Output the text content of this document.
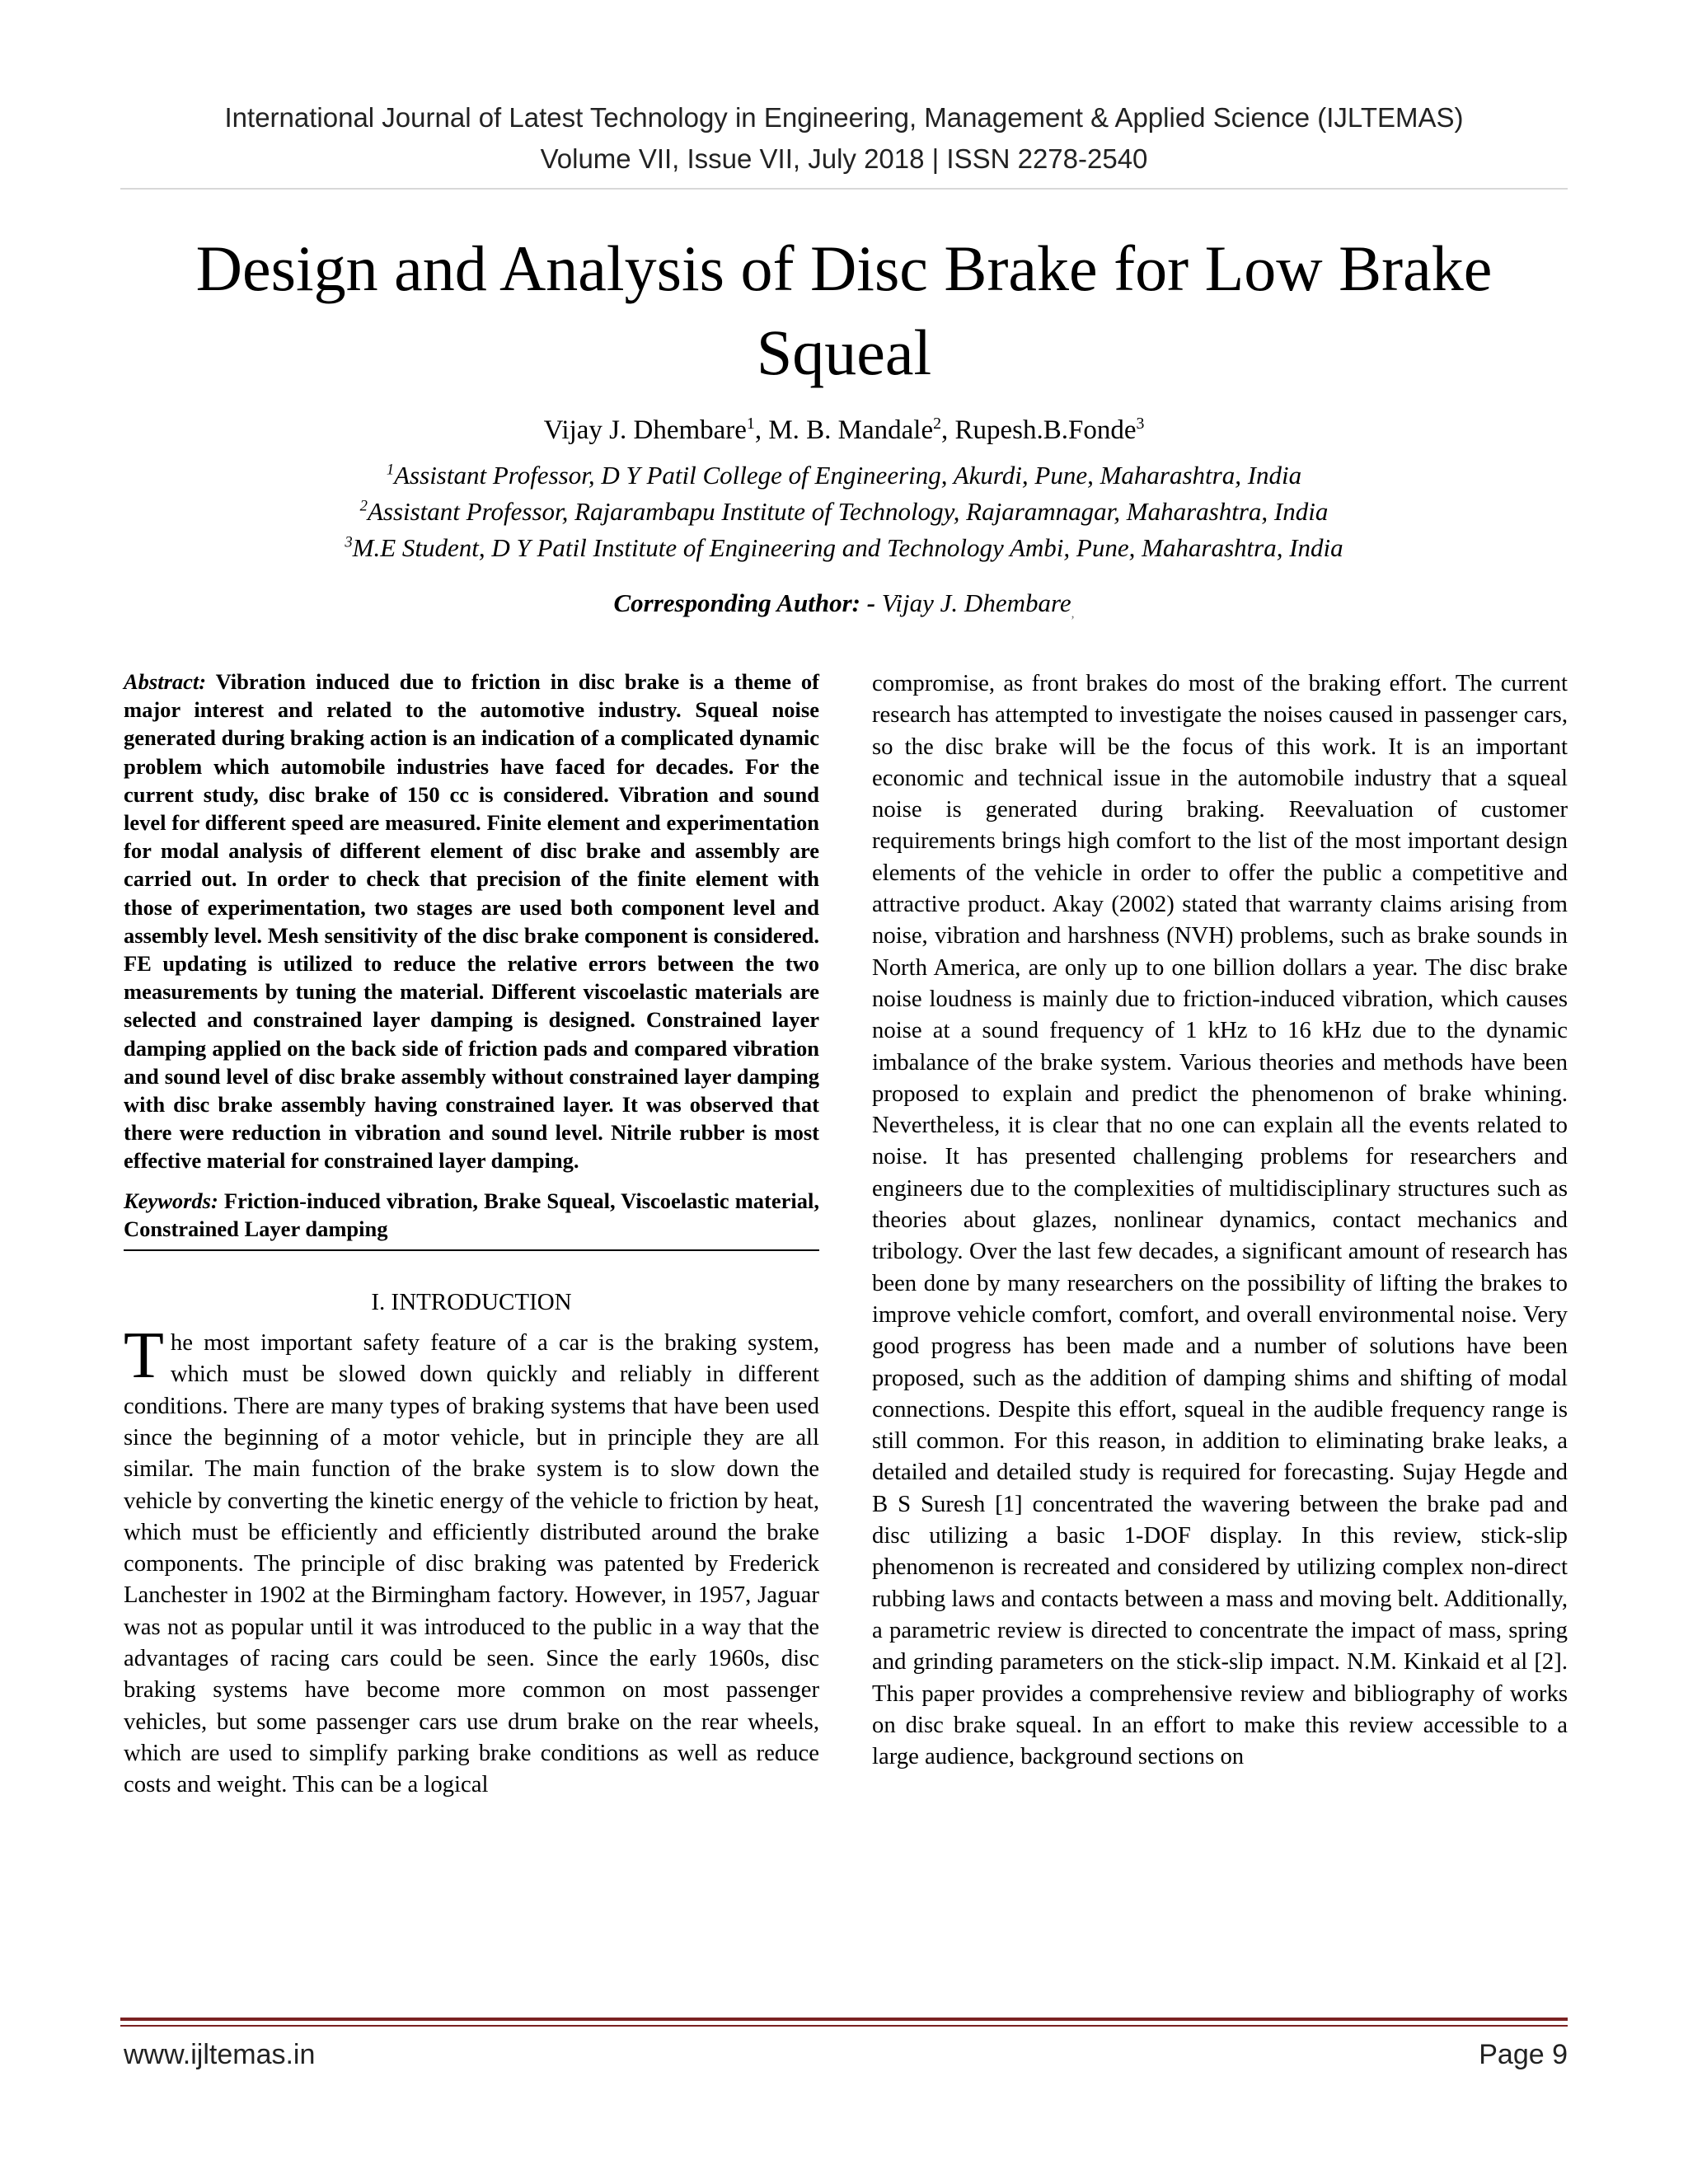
International Journal of Latest Technology in Engineering, Management & Applied Science (IJLTEMAS)
Volume VII, Issue VII, July 2018 | ISSN 2278-2540
Design and Analysis of Disc Brake for Low Brake
Squeal
Vijay J. Dhembare$^1$, M. B. Mandale$^2$, Rupesh.B.Fonde$^3$
$^1$Assistant Professor, D Y Patil College of Engineering, Akurdi, Pune, Maharashtra, India
$^2$Assistant Professor, Rajarambapu Institute of Technology, Rajaramnagar, Maharashtra, India
$^3$M.E Student, D Y Patil Institute of Engineering and Technology Ambi, Pune, Maharashtra, India
Corresponding Author: - Vijay J. Dhembare$_,$

Abstract: Vibration induced due to friction in disc brake is a theme of major interest and related to the automotive industry. Squeal noise generated during braking action is an indication of a complicated dynamic problem which automobile industries have faced for decades. For the current study, disc brake of 150 cc is considered. Vibration and sound level for different speed are measured. Finite element and experimentation for modal analysis of different element of disc brake and assembly are carried out. In order to check that precision of the finite element with those of experimentation, two stages are used both component level and assembly level. Mesh sensitivity of the disc brake component is considered. FE updating is utilized to reduce the relative errors between the two measurements by tuning the material. Different viscoelastic materials are selected and constrained layer damping is designed. Constrained layer damping applied on the back side of friction pads and compared vibration and sound level of disc brake assembly without constrained layer damping with disc brake assembly having constrained layer. It was observed that there were reduction in vibration and sound level. Nitrile rubber is most effective material for constrained layer damping.

Keywords: Friction-induced vibration, Brake Squeal, Viscoelastic material, Constrained Layer damping

I. INTRODUCTION

The most important safety feature of a car is the braking system, which must be slowed down quickly and reliably in different conditions. There are many types of braking systems that have been used since the beginning of a motor vehicle, but in principle they are all similar. The main function of the brake system is to slow down the vehicle by converting the kinetic energy of the vehicle to friction by heat, which must be efficiently and efficiently distributed around the brake components. The principle of disc braking was patented by Frederick Lanchester in 1902 at the Birmingham factory. However, in 1957, Jaguar was not as popular until it was introduced to the public in a way that the advantages of racing cars could be seen. Since the early 1960s, disc braking systems have become more common on most passenger vehicles, but some passenger cars use drum brake on the rear wheels, which are used to simplify parking brake conditions as well as reduce costs and weight. This can be a logical

compromise, as front brakes do most of the braking effort. The current research has attempted to investigate the noises caused in passenger cars, so the disc brake will be the focus of this work. It is an important economic and technical issue in the automobile industry that a squeal noise is generated during braking. Reevaluation of customer requirements brings high comfort to the list of the most important design elements of the vehicle in order to offer the public a competitive and attractive product. Akay (2002) stated that warranty claims arising from noise, vibration and harshness (NVH) problems, such as brake sounds in North America, are only up to one billion dollars a year. The disc brake noise loudness is mainly due to friction-induced vibration, which causes noise at a sound frequency of 1 kHz to 16 kHz due to the dynamic imbalance of the brake system. Various theories and methods have been proposed to explain and predict the phenomenon of brake whining. Nevertheless, it is clear that no one can explain all the events related to noise. It has presented challenging problems for researchers and engineers due to the complexities of multidisciplinary structures such as theories about glazes, nonlinear dynamics, contact mechanics and tribology. Over the last few decades, a significant amount of research has been done by many researchers on the possibility of lifting the brakes to improve vehicle comfort, comfort, and overall environmental noise. Very good progress has been made and a number of solutions have been proposed, such as the addition of damping shims and shifting of modal connections. Despite this effort, squeal in the audible frequency range is still common. For this reason, in addition to eliminating brake leaks, a detailed and detailed study is required for forecasting. Sujay Hegde and B S Suresh [1] concentrated the wavering between the brake pad and disc utilizing a basic 1-DOF display. In this review, stick-slip phenomenon is recreated and considered by utilizing complex non-direct rubbing laws and contacts between a mass and moving belt. Additionally, a parametric review is directed to concentrate the impact of mass, spring and grinding parameters on the stick-slip impact. N.M. Kinkaid et al [2]. This paper provides a comprehensive review and bibliography of works on disc brake squeal. In an effort to make this review accessible to a large audience, background sections on

www.ijltemas.in	Page 9
